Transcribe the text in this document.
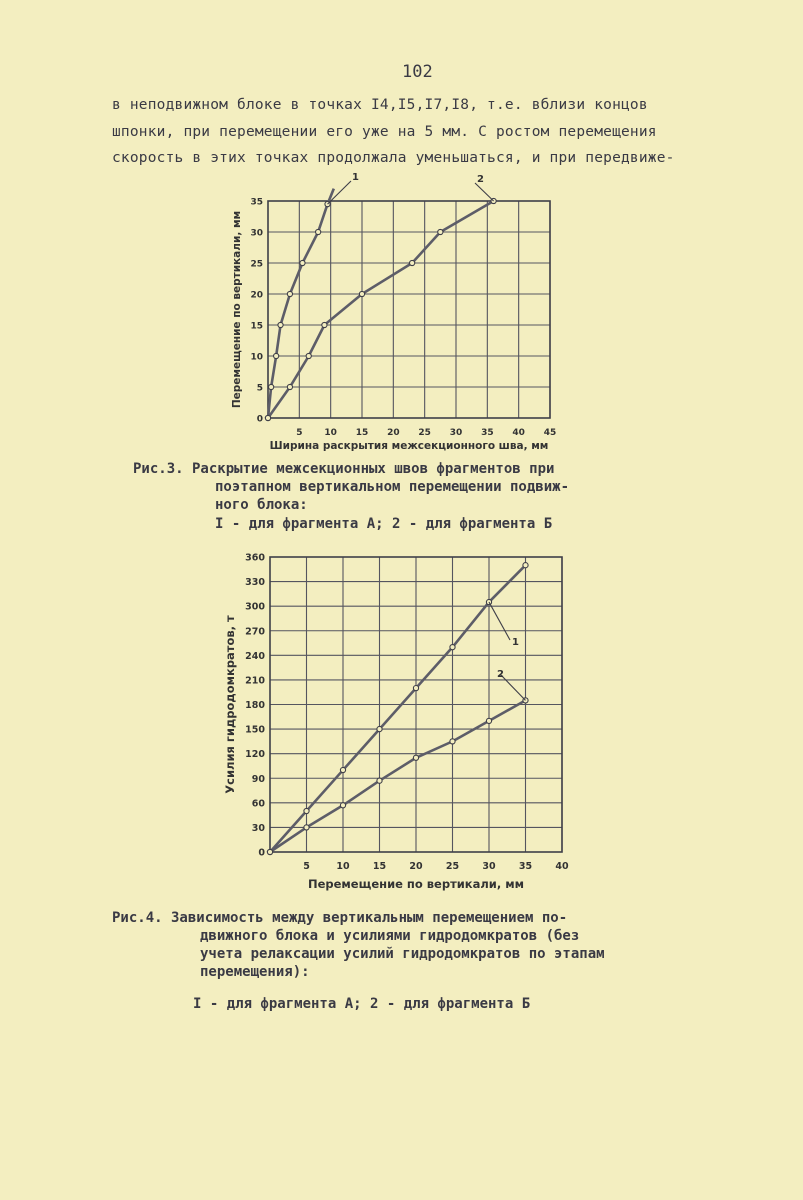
102
в неподвижном блоке в точках I4,I5,I7,I8, т.е. вблизи концов
шпонки, при перемещении его уже на 5 мм. С ростом перемещения
скорость в этих точках продолжала уменьшаться, и при передвиже-
5 10 15 20 25 30 35 40 45
0
5
10
15
20
25
30
35
Ширина раскрытия межсекционного шва, мм
Перемещение по вертикали, мм
1	2
Рис.3. Раскрытие межсекционных швов фрагментов при
поэтапном вертикальном перемещении подвиж-
ного блока:
I - для фрагмента А; 2 - для фрагмента Б
5	10 15 20 25 30 35 40
0
30
60
90
120
150
180
210
240
270
300
330
360
Перемещение по вертикали, мм
Усилия гидродомкратов, т	1
2
Рис.4. Зависимость между вертикальным перемещением по-
движного блока и усилиями гидродомкратов (без
учета релаксации усилий гидродомкратов по этапам
перемещения):
I - для фрагмента А; 2 - для фрагмента Б
